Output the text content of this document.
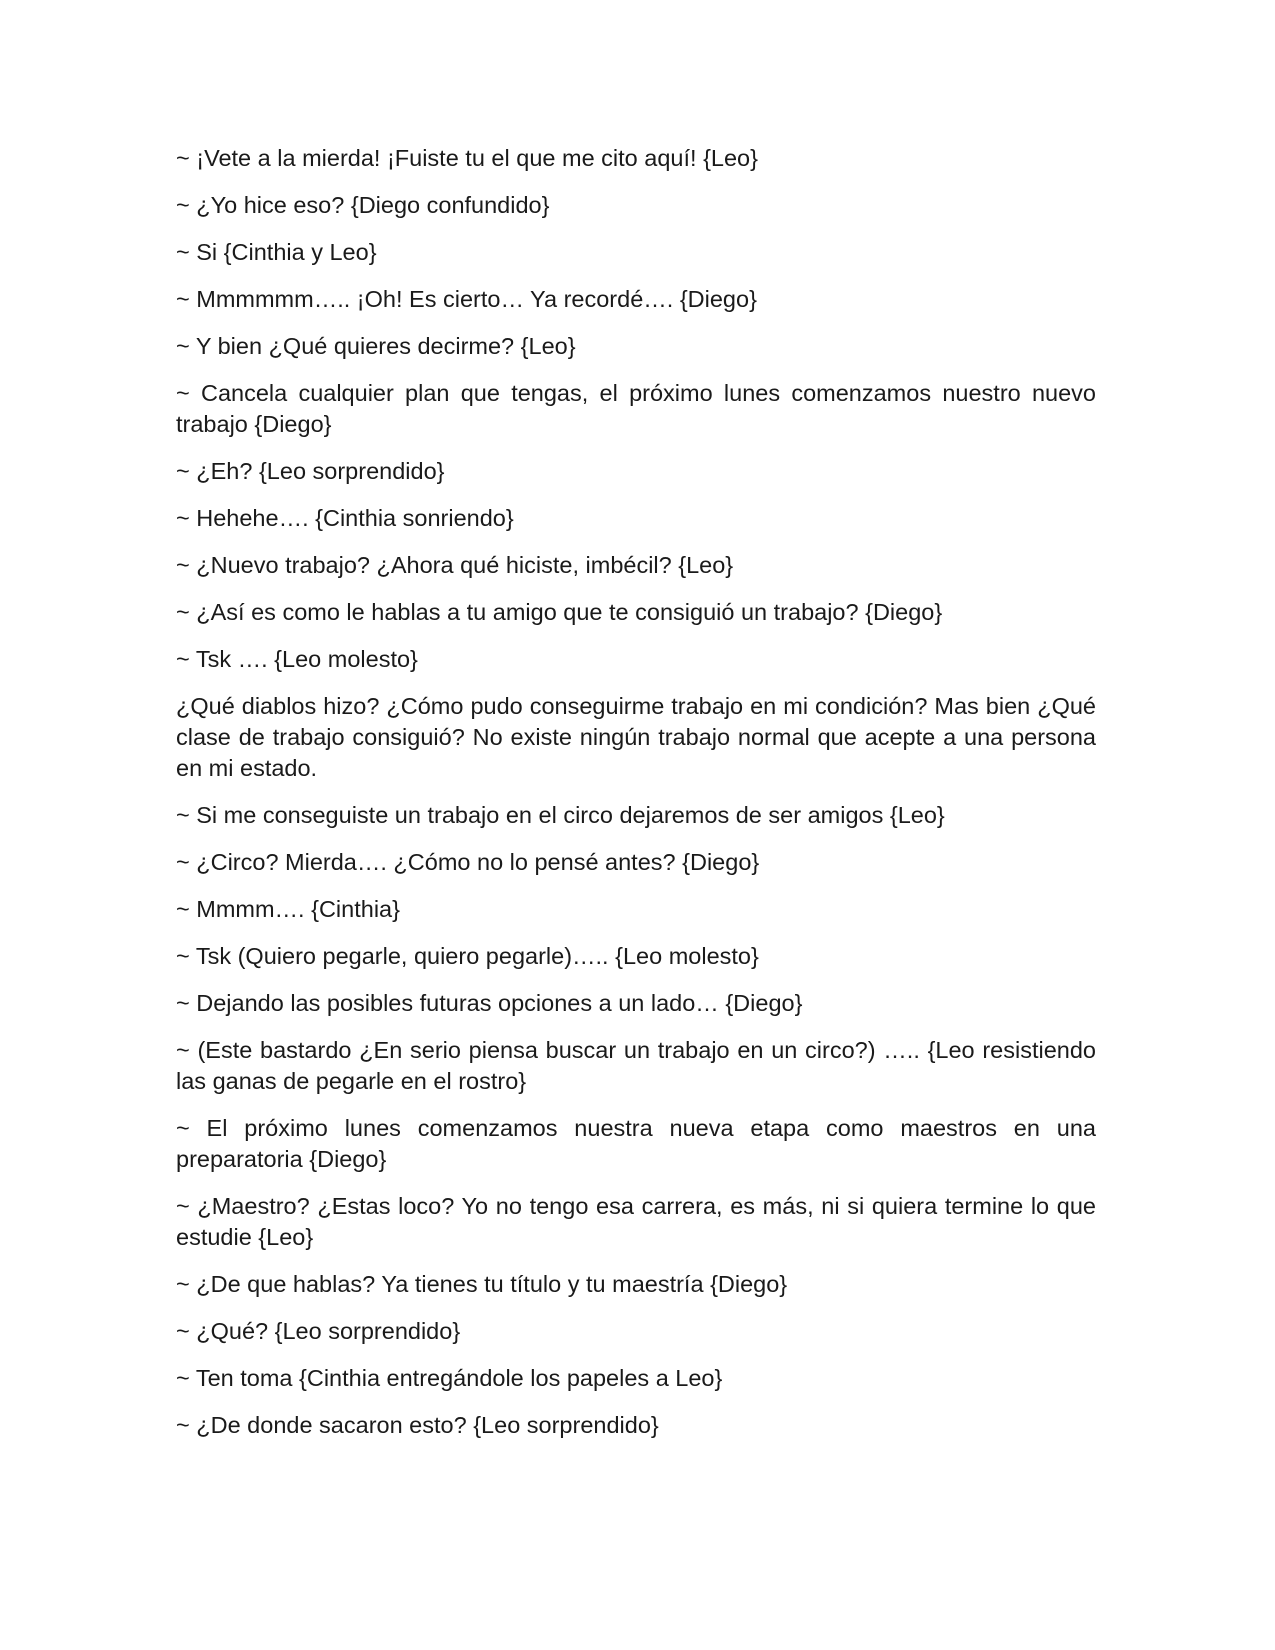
~ ¡Vete a la mierda! ¡Fuiste tu el que me cito aquí! {Leo}

~ ¿Yo hice eso? {Diego confundido}

~ Si {Cinthia y Leo}

~ Mmmmmm….. ¡Oh! Es cierto… Ya recordé…. {Diego}

~ Y bien ¿Qué quieres decirme? {Leo}

~ Cancela cualquier plan que tengas, el próximo lunes comenzamos nuestro nuevo trabajo {Diego}

~ ¿Eh? {Leo sorprendido}

~ Hehehe…. {Cinthia sonriendo}

~ ¿Nuevo trabajo? ¿Ahora qué hiciste, imbécil? {Leo}

~ ¿Así es como le hablas a tu amigo que te consiguió un trabajo? {Diego}

~ Tsk …. {Leo molesto}

¿Qué diablos hizo? ¿Cómo pudo conseguirme trabajo en mi condición? Mas bien ¿Qué clase de trabajo consiguió? No existe ningún trabajo normal que acepte a una persona en mi estado.

~ Si me conseguiste un trabajo en el circo dejaremos de ser amigos {Leo}

~ ¿Circo? Mierda…. ¿Cómo no lo pensé antes? {Diego}

~ Mmmm…. {Cinthia}

~ Tsk (Quiero pegarle, quiero pegarle)….. {Leo molesto}

~ Dejando las posibles futuras opciones a un lado… {Diego}

~ (Este bastardo ¿En serio piensa buscar un trabajo en un circo?) ….. {Leo resistiendo las ganas de pegarle en el rostro}

~ El próximo lunes comenzamos nuestra nueva etapa como maestros en una preparatoria {Diego}

~ ¿Maestro? ¿Estas loco? Yo no tengo esa carrera, es más, ni si quiera termine lo que estudie {Leo}

~ ¿De que hablas? Ya tienes tu título y tu maestría {Diego}

~ ¿Qué? {Leo sorprendido}

~ Ten toma {Cinthia entregándole los papeles a Leo}

~ ¿De donde sacaron esto? {Leo sorprendido}
